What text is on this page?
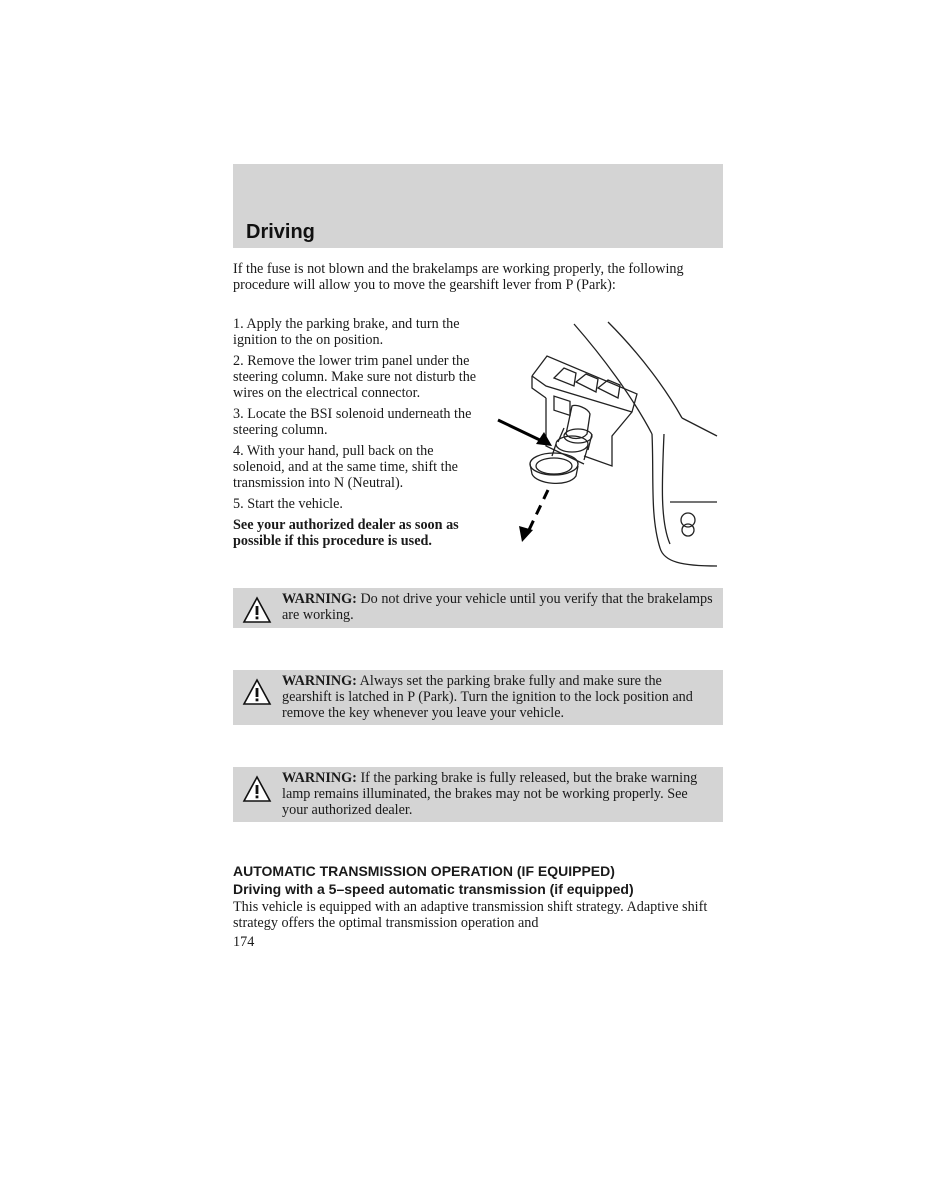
Driving

If the fuse is not blown and the brakelamps are working properly, the following procedure will allow you to move the gearshift lever from P (Park):

1. Apply the parking brake, and turn the ignition to the on position.

2. Remove the lower trim panel under the steering column. Make sure not disturb the wires on the electrical connector.

3. Locate the BSI solenoid underneath the steering column.

4. With your hand, pull back on the solenoid, and at the same time, shift the transmission into N (Neutral).

5. Start the vehicle.

See your authorized dealer as soon as possible if this procedure is used.

WARNING: Do not drive your vehicle until you verify that the brakelamps are working.

WARNING: Always set the parking brake fully and make sure the gearshift is latched in P (Park). Turn the ignition to the lock position and remove the key whenever you leave your vehicle.

WARNING: If the parking brake is fully released, but the brake warning lamp remains illuminated, the brakes may not be working properly. See your authorized dealer.

AUTOMATIC TRANSMISSION OPERATION (IF EQUIPPED)
Driving with a 5–speed automatic transmission (if equipped)

This vehicle is equipped with an adaptive transmission shift strategy. Adaptive shift strategy offers the optimal transmission operation and

174
